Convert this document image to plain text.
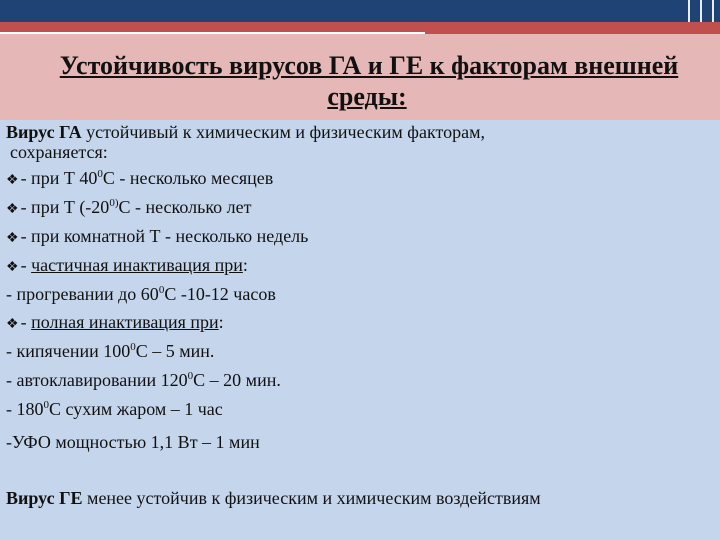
Устойчивость вирусов ГА и ГЕ к факторам внешней
среды:
Вирус ГА устойчивый к химическим и физическим факторам,
сохраняется:
❖ - при Т $40^0С$ - несколько месяцев
❖ - при Т (-20$^{0)}$С - несколько лет
❖ - при комнатной Т - несколько недель
❖ - частичная инактивация при:
- прогревании до $60^0С$ -10-12 часов
❖ - полная инактивация при:
- кипячении $100^0С - 5$ мин.
- автоклавировании $120^0С - 20$ мин.
- $180^0С$ сухим жаром – 1 час
-УФО мощностью 1,1 Вт – 1 мин
Вирус ГЕ менее устойчив к физическим и химическим воздействиям
